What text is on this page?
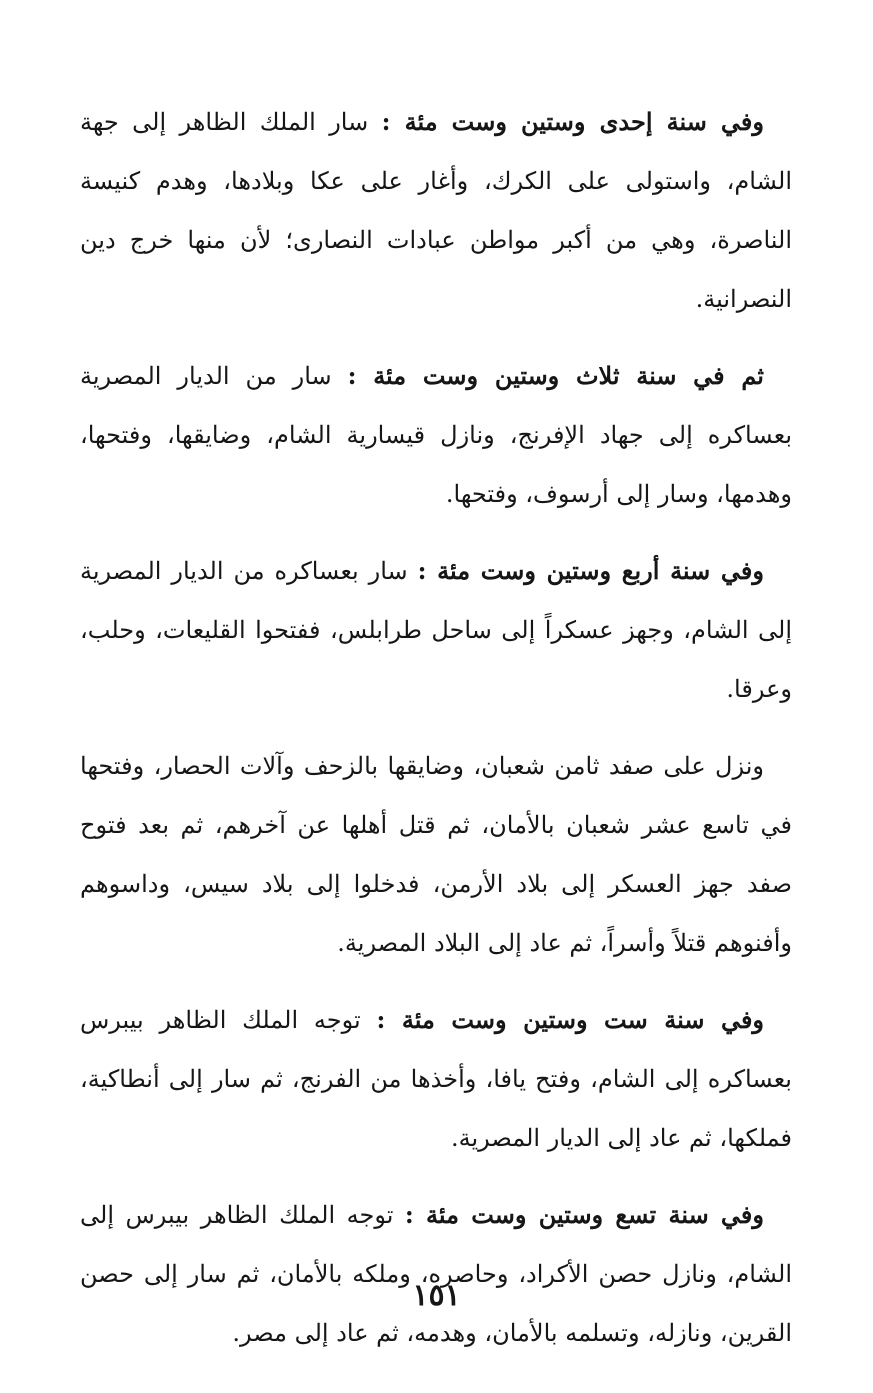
وفي سنة إحدى وستين وست مئة : سار الملك الظاهر إلى جهة الشام، واستولى على الكرك، وأغار على عكا وبلادها، وهدم كنيسة الناصرة، وهي من أكبر مواطن عبادات النصارى؛ لأن منها خرج دين النصرانية.

ثم في سنة ثلاث وستين وست مئة : سار من الديار المصرية بعساكره إلى جهاد الإفرنج، ونازل قيسارية الشام، وضايقها، وفتحها، وهدمها، وسار إلى أرسوف، وفتحها.

وفي سنة أربع وستين وست مئة : سار بعساكره من الديار المصرية إلى الشام، وجهز عسكراً إلى ساحل طرابلس، ففتحوا القليعات، وحلب، وعرقا.

ونزل على صفد ثامن شعبان، وضايقها بالزحف وآلات الحصار، وفتحها في تاسع عشر شعبان بالأمان، ثم قتل أهلها عن آخرهم، ثم بعد فتوح صفد جهز العسكر إلى بلاد الأرمن، فدخلوا إلى بلاد سيس، وداسوهم وأفنوهم قتلاً وأسراً، ثم عاد إلى البلاد المصرية.

وفي سنة ست وستين وست مئة : توجه الملك الظاهر بيبرس بعساكره إلى الشام، وفتح يافا، وأخذها من الفرنج، ثم سار إلى أنطاكية، فملكها، ثم عاد إلى الديار المصرية.

وفي سنة تسع وستين وست مئة : توجه الملك الظاهر بيبرس إلى الشام، ونازل حصن الأكراد، وحاصره، وملكه بالأمان، ثم سار إلى حصن القرين، ونازله، وتسلمه بالأمان، وهدمه، ثم عاد إلى مصر.

١٥١
